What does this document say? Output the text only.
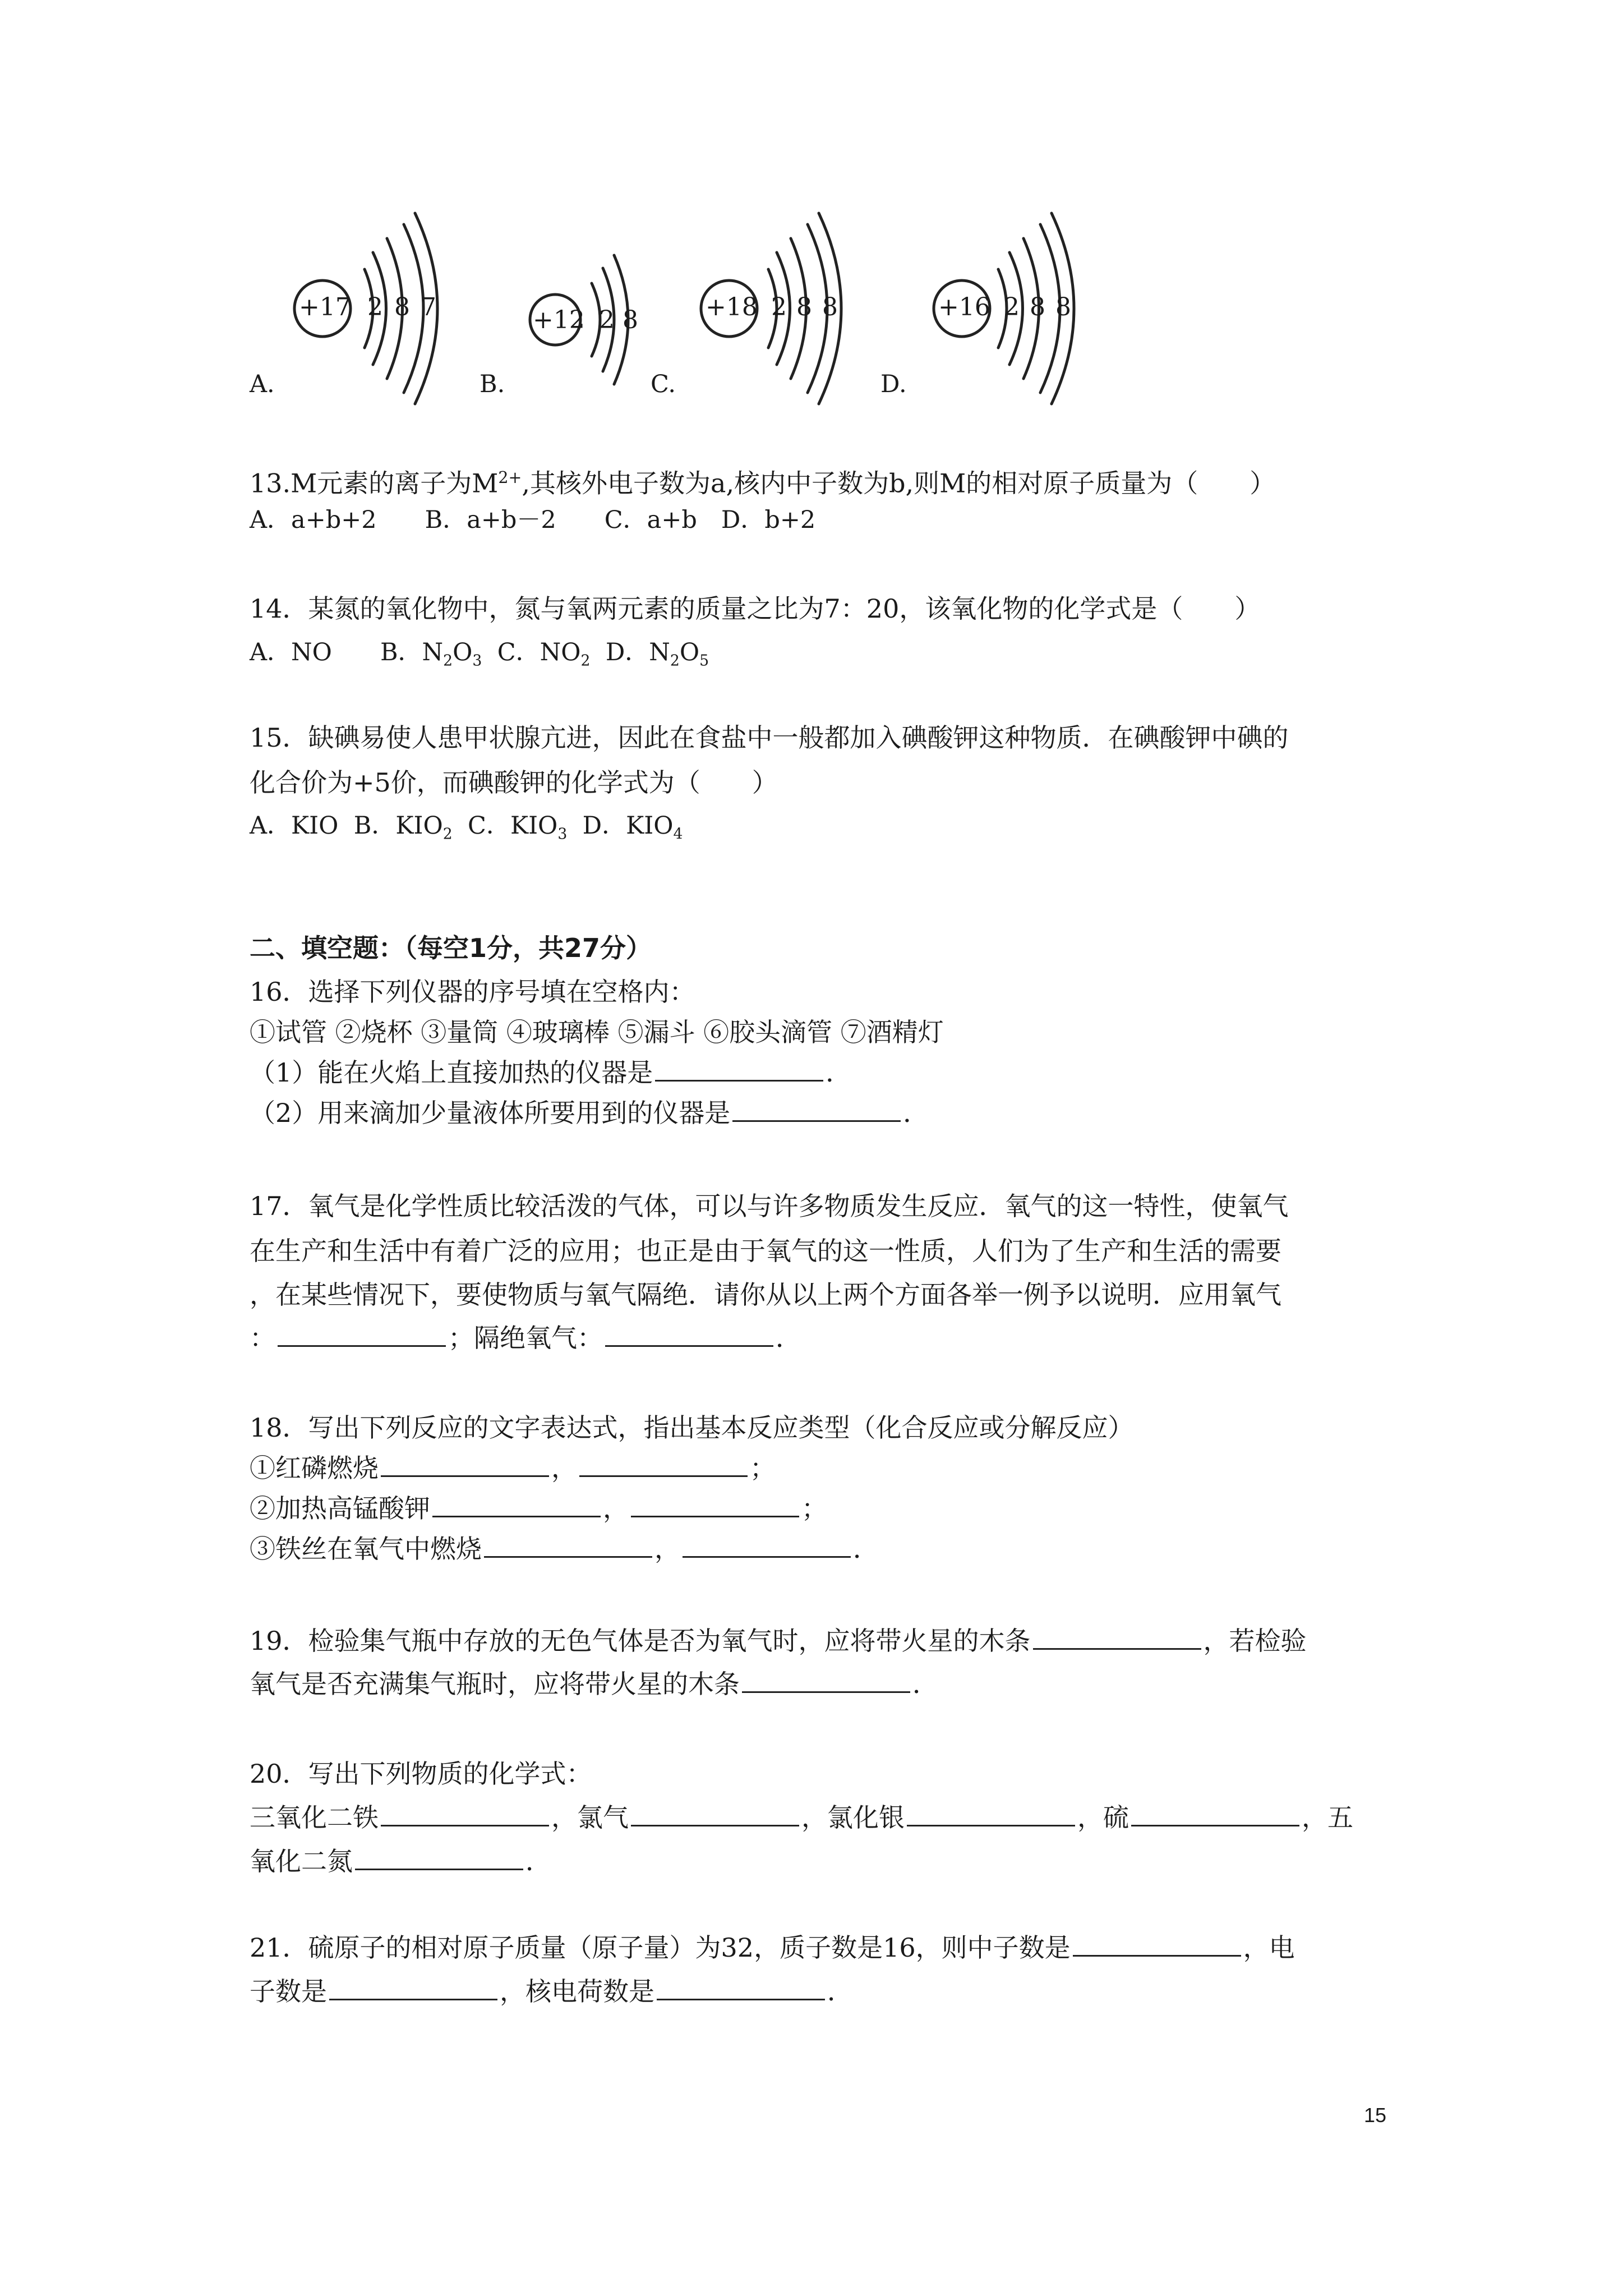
+17 2 8 7	+12 2 8	+18 2 8 8	+16 2 8 8
A.	B.	C.	D.
13.M元素的离子为$M^{2+}$,其核外电子数为a,核内中子数为b,则M的相对原子质量为（　　）
A．a+b+2　　B．a+b－2　　C．a+b　D．b+2
14．某氮的氧化物中，氮与氧两元素的质量之比为7：20，该氧化物的化学式是（　　）
A．NO　　 B．$N_2O_3$ C．$NO_2$ D．$N_2O_5$
15．缺碘易使人患甲状腺亢进，因此在食盐中一般都加入碘酸钾这种物质．在碘酸钾中碘的
化合价为+5价，而碘酸钾的化学式为（　　）
A．KIO B．$KIO_2$ C．$KIO_3$ D．$KIO_4$
二、填空题：（每空1分，共27分）
16．选择下列仪器的序号填在空格内：
①试管 ②烧杯 ③量筒 ④玻璃棒 ⑤漏斗 ⑥胶头滴管 ⑦酒精灯
（1）能在火焰上直接加热的仪器是	．
（2）用来滴加少量液体所要用到的仪器是	．
17．氧气是化学性质比较活泼的气体，可以与许多物质发生反应．氧气的这一特性，使氧气
在生产和生活中有着广泛的应用；也正是由于氧气的这一性质，人们为了生产和生活的需要
，在某些情况下，要使物质与氧气隔绝．请你从以上两个方面各举一例予以说明．应用氧气
：	；隔绝氧气：	．
18．写出下列反应的文字表达式，指出基本反应类型（化合反应或分解反应）
①红磷燃烧	，	；
②加热高锰酸钾	，	；
③铁丝在氧气中燃烧	，	．
19．检验集气瓶中存放的无色气体是否为氧气时，应将带火星的木条	，若检验
氧气是否充满集气瓶时，应将带火星的木条	．
20．写出下列物质的化学式：
三氧化二铁	，氯气	，氯化银	，硫	，五
氧化二氮	．
21．硫原子的相对原子质量（原子量）为32，质子数是16，则中子数是	，电
子数是	，核电荷数是	．
15
